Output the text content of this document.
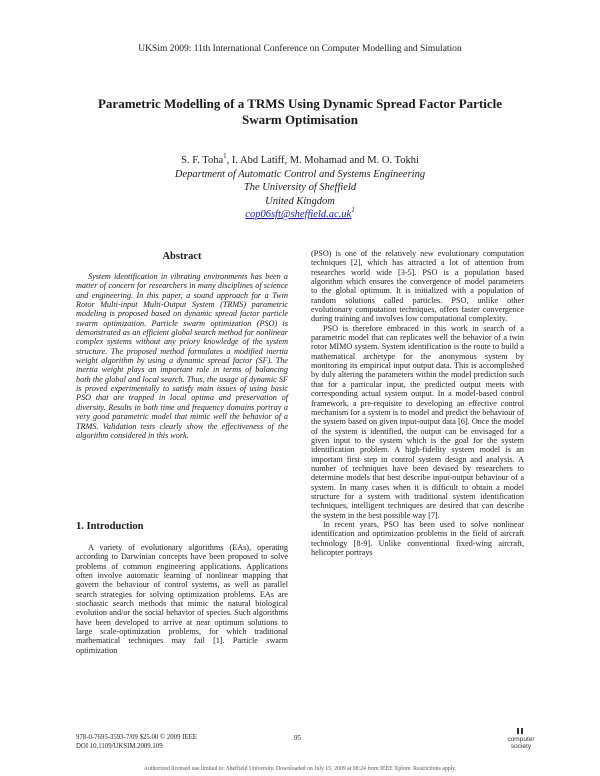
UKSim 2009: 11th International Conference on Computer Modelling and Simulation
Parametric Modelling of a TRMS Using Dynamic Spread Factor Particle
Swarm Optimisation
S. F. Toha$^1$, I. Abd Latiff, M. Mohamad and M. O. Tokhi
Department of Automatic Control and Systems Engineering
The University of Sheffield
United Kingdom
$cop06sft@sheffield.ac.uk^1$
Abstract

System identification in vibrating environments has been a matter of concern for researchers in many disciplines of science and engineering. In this paper, a sound approach for a Twin Rotor Multi-input Multi-Output System (TRMS) parametric modeling is proposed based on dynamic spread factor particle swarm optimization. Particle swarm optimization (PSO) is demonstrated as an efficient global search method for nonlinear complex systems without any priory knowledge of the system structure. The proposed method formulates a modified inertia weight algorithm by using a dynamic spread factor (SF). The inertia weight plays an important role in terms of balancing both the global and local search. Thus, the usage of dynamic SF is proved experimentally to satisfy main issues of using basic PSO that are trapped in local optima and preservation of diversity. Results in both time and frequency domains portray a very good parametric model that mimic well the behavior of a TRMS. Validation tests clearly show the effectiveness of the algorithm considered in this work.

1. Introduction

A variety of evolutionary algorithms (EAs), operating according to Darwinian concepts have been proposed to solve problems of common engineering applications. Applications often involve automatic learning of nonlinear mapping that govern the behaviour of control systems, as well as parallel search strategies for solving optimization problems. EAs are stochastic search methods that mimic the natural biological evolution and/or the social behavior of species. Such algorithms have been developed to arrive at near optimum solutions to large scale-optimization problems, for which traditional mathematical techniques may fail [1]. Particle swarm optimization

(PSO) is one of the relatively new evolutionary computation techniques [2], which has attracted a lot of attention from researches world wide [3-5]. PSO is a population based algorithm which ensures the convergence of model parameters to the global optimum. It is initialized with a population of random solutions called particles. PSO, unlike other evolutionary computation techniques, offers faster convergence during training and involves low computational complexity.

PSO is therefore embraced in this work in search of a parametric model that can replicates well the behavior of a twin rotor MIMO system. System identification is the route to build a mathematical archetype for the anonymous system by monitoring its empirical input output data. This is accomplished by duly altering the parameters within the model prediction such that for a particular input, the predicted output meets with corresponding actual system output. In a model-based control framework, a pre-requisite to developing an effective control mechanism for a system is to model and predict the behaviour of the system based on given input-output data [6]. Once the model of the system is identified, the output can be envisaged for a given input to the system which is the goal for the system identification problem. A high-fidelity system model is an important first step in control system design and analysis. A number of techniques have been devised by researchers to determine models that best describe input-output behaviour of a system. In many cases when it is difficult to obtain a model structure for a system with traditional system identification techniques, intelligent techniques are desired that can describe the system in the best possible way [7].

In recent years, PSO has been used to solve nonlinear identification and optimization problems in the field of aircraft technology [8-9]. Unlike conventional fixed-wing aircraft, helicopter portrays

978-0-7695-3593-7/09 $25.00 © 2009 IEEE
DOI 10.1109/UKSIM.2009.109
95	computer
society
Authorized licensed use limited to: Sheffield University. Downloaded on July 15, 2009 at 08:24 from IEEE Xplore. Restrictions apply.
